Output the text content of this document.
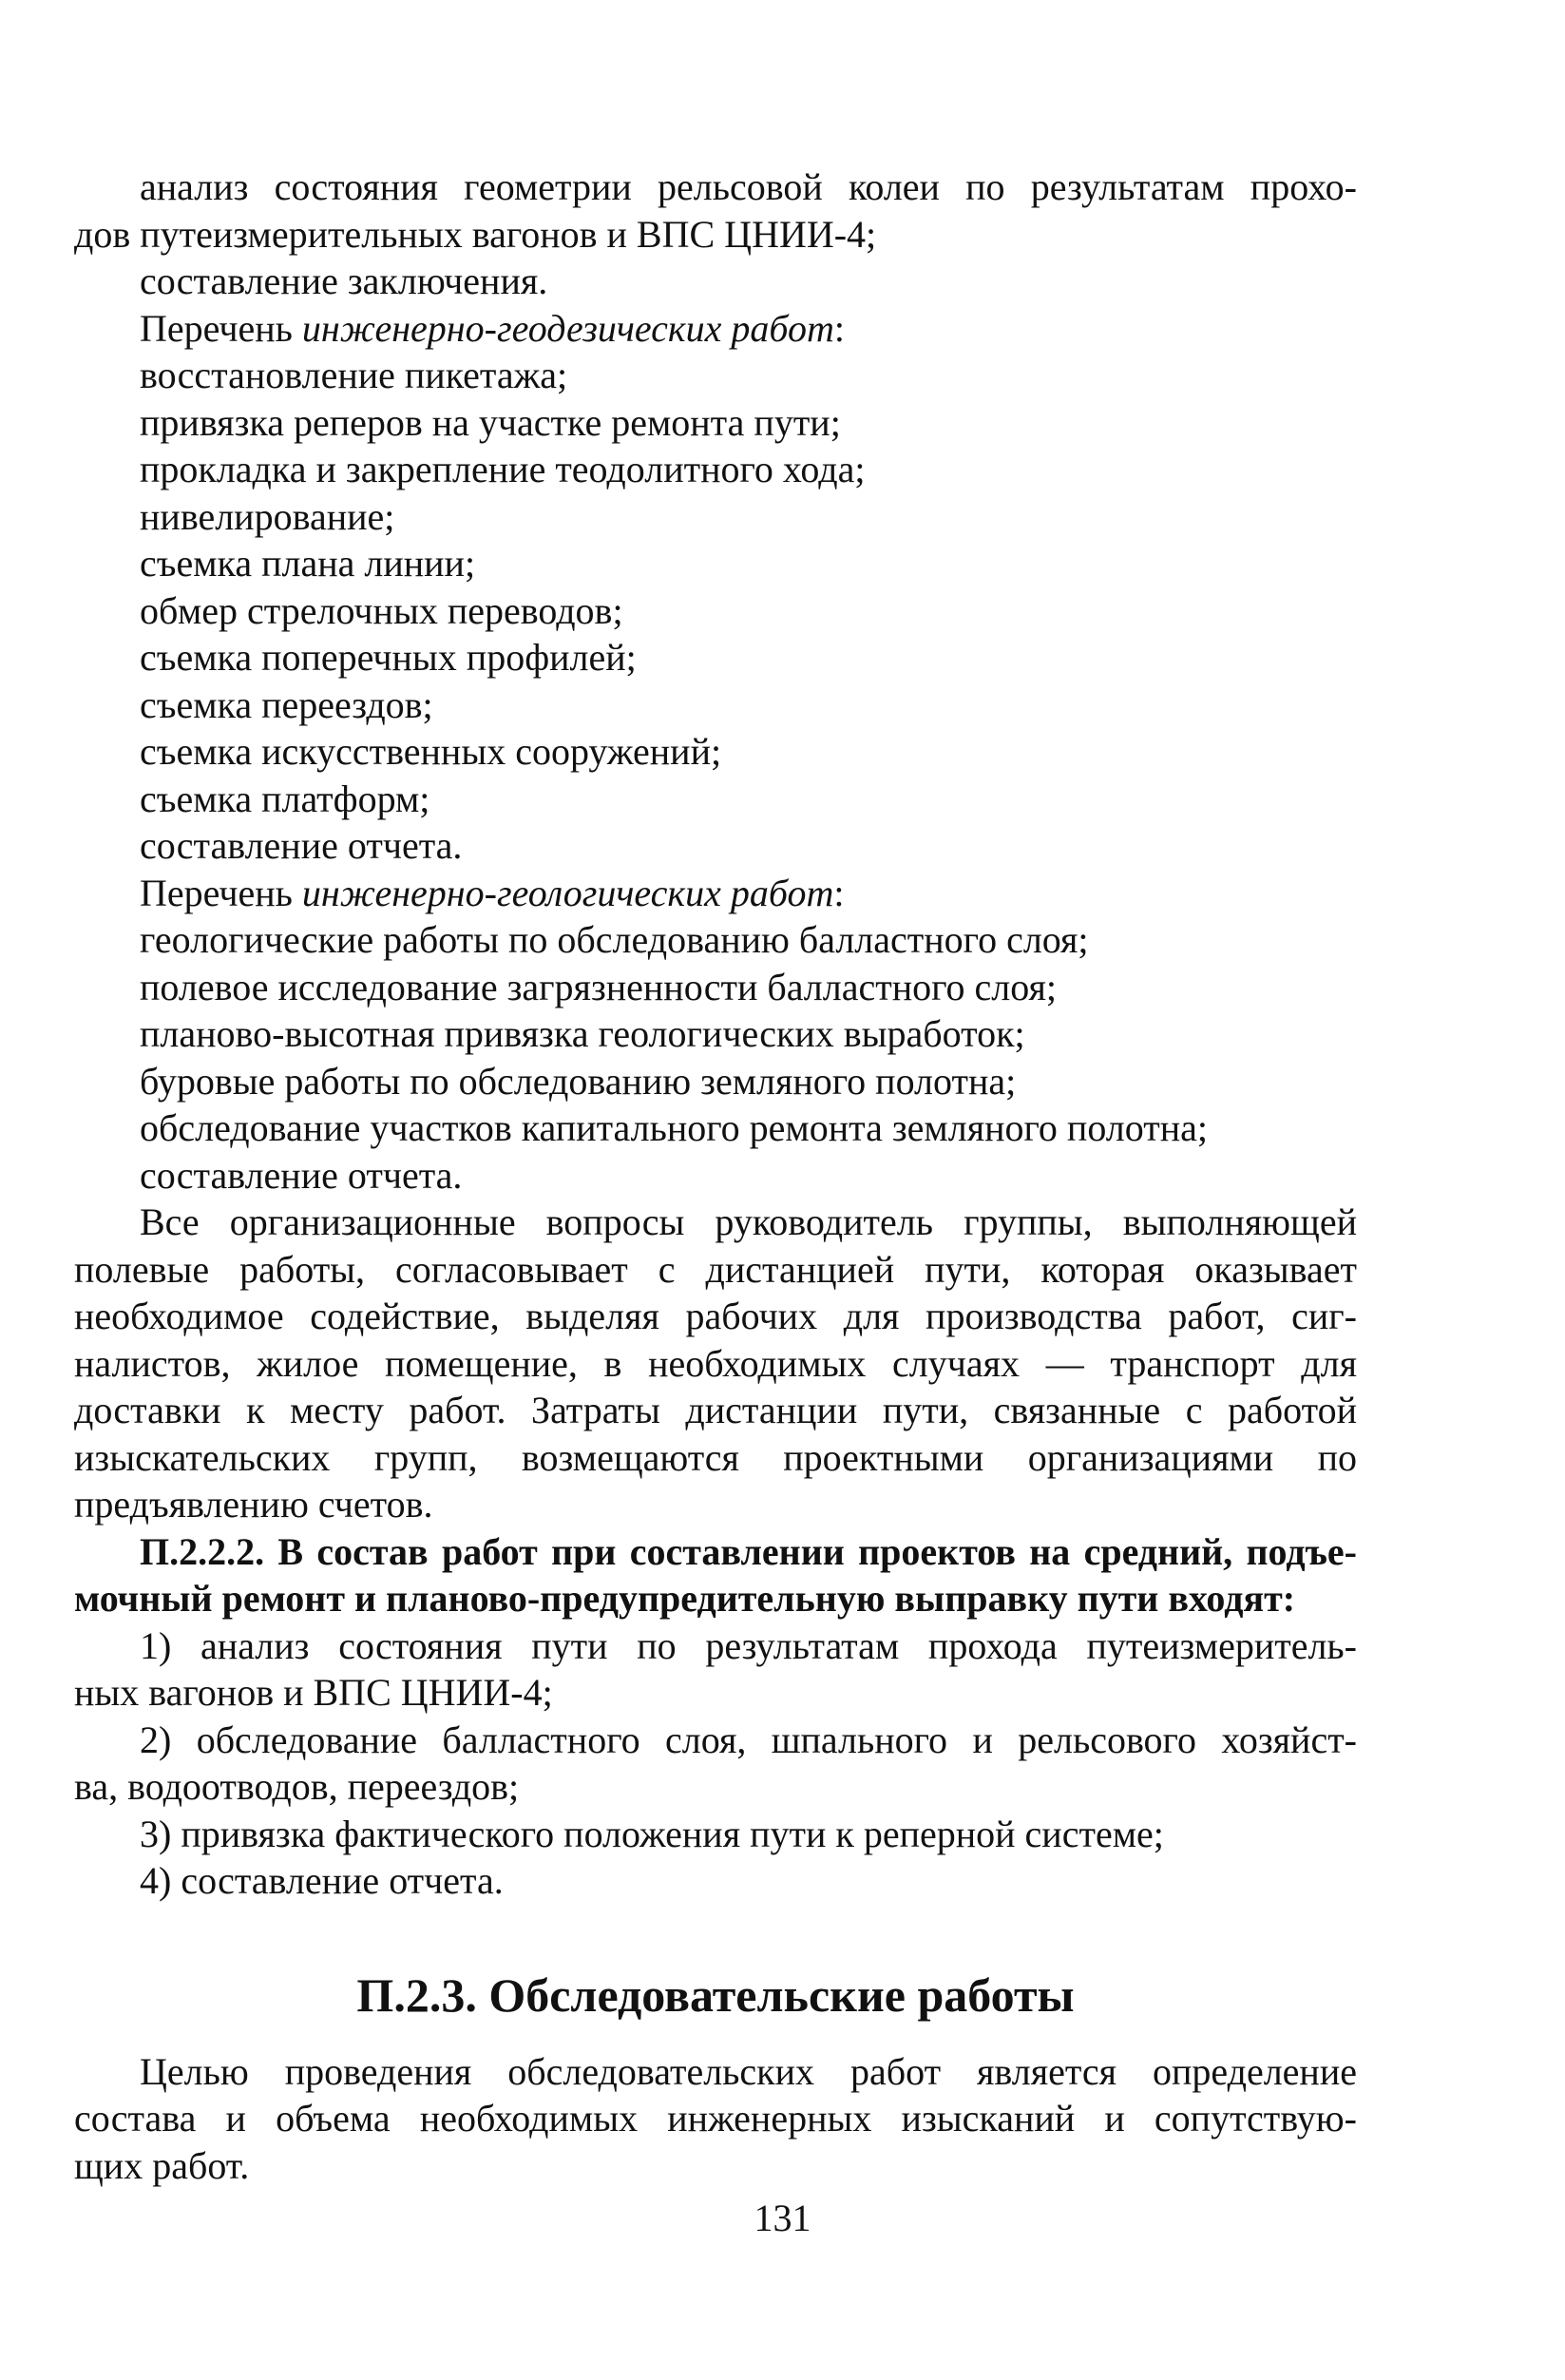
анализ состояния геометрии рельсовой колеи по результатам прохо-
дов путеизмерительных вагонов и ВПС ЦНИИ-4;
составление заключения.
Перечень инженерно-геодезических работ:
восстановление пикетажа;
привязка реперов на участке ремонта пути;
прокладка и закрепление теодолитного хода;
нивелирование;
съемка плана линии;
обмер стрелочных переводов;
съемка поперечных профилей;
съемка переездов;
съемка искусственных сооружений;
съемка платформ;
составление отчета.
Перечень инженерно-геологических работ:
геологические работы по обследованию балластного слоя;
полевое исследование загрязненности балластного слоя;
планово-высотная привязка геологических выработок;
буровые работы по обследованию земляного полотна;
обследование участков капитального ремонта земляного полотна;
составление отчета.
Все организационные вопросы руководитель группы, выполняющей
полевые работы, согласовывает с дистанцией пути, которая оказывает
необходимое содействие, выделяя рабочих для производства работ, сиг-
налистов, жилое помещение, в необходимых случаях — транспорт для
доставки к месту работ. Затраты дистанции пути, связанные с работой
изыскательских групп, возмещаются проектными организациями по
предъявлению счетов.
П.2.2.2. В состав работ при составлении проектов на средний, подъе-
мочный ремонт и планово-предупредительную выправку пути входят:
1) анализ состояния пути по результатам прохода путеизмеритель-
ных вагонов и ВПС ЦНИИ-4;
2) обследование балластного слоя, шпального и рельсового хозяйст-
ва, водоотводов, переездов;
3) привязка фактического положения пути к реперной системе;
4) составление отчета.
П.2.3. Обследовательские работы
Целью проведения обследовательских работ является определение
состава и объема необходимых инженерных изысканий и сопутствую-
щих работ.
131
